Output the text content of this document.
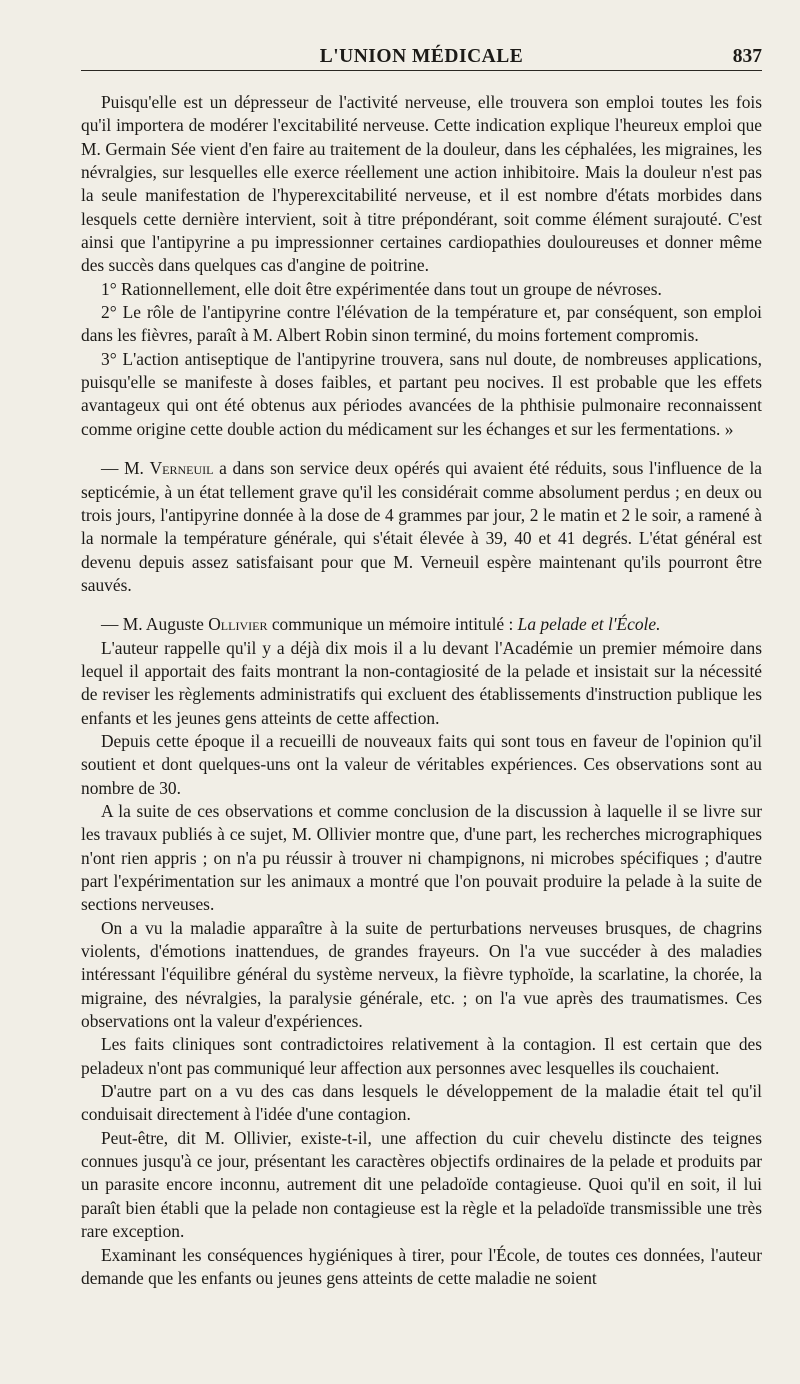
L'UNION MÉDICALE	837

Puisqu'elle est un dépresseur de l'activité nerveuse, elle trouvera son emploi toutes les fois qu'il importera de modérer l'excitabilité nerveuse. Cette indication explique l'heureux emploi que M. Germain Sée vient d'en faire au traitement de la douleur, dans les céphalées, les migraines, les névralgies, sur lesquelles elle exerce réellement une action inhibitoire. Mais la douleur n'est pas la seule manifestation de l'hyperexcitabilité nerveuse, et il est nombre d'états morbides dans lesquels cette dernière intervient, soit à titre prépondérant, soit comme élément surajouté. C'est ainsi que l'antipyrine a pu impressionner certaines cardiopathies douloureuses et donner même des succès dans quelques cas d'angine de poitrine.

1° Rationnellement, elle doit être expérimentée dans tout un groupe de névroses.

2° Le rôle de l'antipyrine contre l'élévation de la température et, par conséquent, son emploi dans les fièvres, paraît à M. Albert Robin sinon terminé, du moins fortement compromis.

3° L'action antiseptique de l'antipyrine trouvera, sans nul doute, de nombreuses applications, puisqu'elle se manifeste à doses faibles, et partant peu nocives. Il est probable que les effets avantageux qui ont été obtenus aux périodes avancées de la phthisie pulmonaire reconnaissent comme origine cette double action du médicament sur les échanges et sur les fermentations. »

— M. Verneuil a dans son service deux opérés qui avaient été réduits, sous l'influence de la septicémie, à un état tellement grave qu'il les considérait comme absolument perdus ; en deux ou trois jours, l'antipyrine donnée à la dose de 4 grammes par jour, 2 le matin et 2 le soir, a ramené à la normale la température générale, qui s'était élevée à 39, 40 et 41 degrés. L'état général est devenu depuis assez satisfaisant pour que M. Verneuil espère maintenant qu'ils pourront être sauvés.

— M. Auguste Ollivier communique un mémoire intitulé : La pelade et l'École.

L'auteur rappelle qu'il y a déjà dix mois il a lu devant l'Académie un premier mémoire dans lequel il apportait des faits montrant la non-contagiosité de la pelade et insistait sur la nécessité de reviser les règlements administratifs qui excluent des établissements d'instruction publique les enfants et les jeunes gens atteints de cette affection.

Depuis cette époque il a recueilli de nouveaux faits qui sont tous en faveur de l'opinion qu'il soutient et dont quelques-uns ont la valeur de véritables expériences. Ces observations sont au nombre de 30.

A la suite de ces observations et comme conclusion de la discussion à laquelle il se livre sur les travaux publiés à ce sujet, M. Ollivier montre que, d'une part, les recherches micrographiques n'ont rien appris ; on n'a pu réussir à trouver ni champignons, ni microbes spécifiques ; d'autre part l'expérimentation sur les animaux a montré que l'on pouvait produire la pelade à la suite de sections nerveuses.

On a vu la maladie apparaître à la suite de perturbations nerveuses brusques, de chagrins violents, d'émotions inattendues, de grandes frayeurs. On l'a vue succéder à des maladies intéressant l'équilibre général du système nerveux, la fièvre typhoïde, la scarlatine, la chorée, la migraine, des névralgies, la paralysie générale, etc. ; on l'a vue après des traumatismes. Ces observations ont la valeur d'expériences.

Les faits cliniques sont contradictoires relativement à la contagion. Il est certain que des peladeux n'ont pas communiqué leur affection aux personnes avec lesquelles ils couchaient.

D'autre part on a vu des cas dans lesquels le développement de la maladie était tel qu'il conduisait directement à l'idée d'une contagion.

Peut-être, dit M. Ollivier, existe-t-il, une affection du cuir chevelu distincte des teignes connues jusqu'à ce jour, présentant les caractères objectifs ordinaires de la pelade et produits par un parasite encore inconnu, autrement dit une peladoïde contagieuse. Quoi qu'il en soit, il lui paraît bien établi que la pelade non contagieuse est la règle et la peladoïde transmissible une très rare exception.

Examinant les conséquences hygiéniques à tirer, pour l'École, de toutes ces données, l'auteur demande que les enfants ou jeunes gens atteints de cette maladie ne soient
